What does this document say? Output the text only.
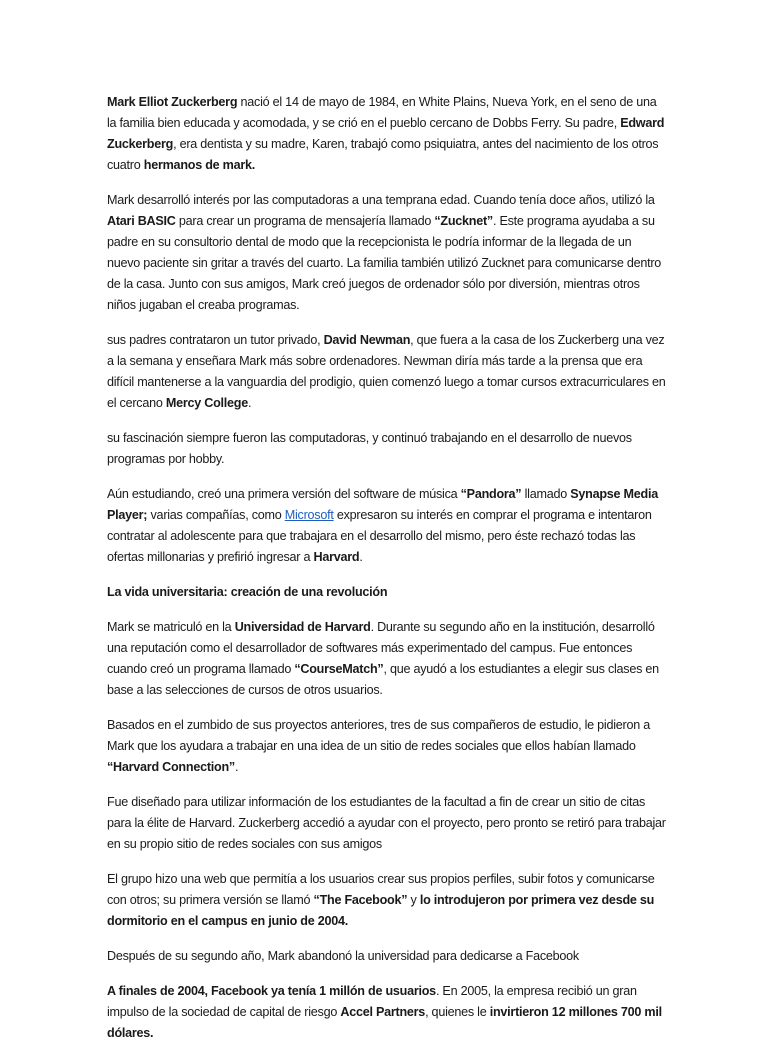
Mark Elliot Zuckerberg nació el 14 de mayo de 1984, en White Plains, Nueva York, en el seno de una la familia bien educada y acomodada, y se crió en el pueblo cercano de Dobbs Ferry. Su padre, Edward Zuckerberg, era dentista y su madre, Karen, trabajó como psiquiatra, antes del nacimiento de los otros cuatro hermanos de mark.

Mark desarrolló interés por las computadoras a una temprana edad. Cuando tenía doce años, utilizó la Atari BASIC para crear un programa de mensajería llamado “Zucknet”. Este programa ayudaba a su padre en su consultorio dental de modo que la recepcionista le podría informar de la llegada de un nuevo paciente sin gritar a través del cuarto. La familia también utilizó Zucknet para comunicarse dentro de la casa. Junto con sus amigos, Mark creó juegos de ordenador sólo por diversión, mientras otros niños jugaban el creaba programas.

sus padres contrataron un tutor privado, David Newman, que fuera a la casa de los Zuckerberg una vez a la semana y enseñara Mark más sobre ordenadores. Newman diría más tarde a la prensa que era difícil mantenerse a la vanguardia del prodigio, quien comenzó luego a tomar cursos extracurriculares en el cercano Mercy College.

su fascinación siempre fueron las computadoras, y continuó trabajando en el desarrollo de nuevos programas por hobby.

Aún estudiando, creó una primera versión del software de música “Pandora” llamado Synapse Media Player; varias compañías, como Microsoft expresaron su interés en comprar el programa e intentaron contratar al adolescente para que trabajara en el desarrollo del mismo, pero éste rechazó todas las ofertas millonarias y prefirió ingresar a Harvard.

La vida universitaria: creación de una revolución

Mark se matriculó en la Universidad de Harvard. Durante su segundo año en la institución, desarrolló una reputación como el desarrollador de softwares más experimentado del campus. Fue entonces cuando creó un programa llamado “CourseMatch”, que ayudó a los estudiantes a elegir sus clases en base a las selecciones de cursos de otros usuarios.

Basados en el zumbido de sus proyectos anteriores, tres de sus compañeros de estudio, le pidieron a Mark que los ayudara a trabajar en una idea de un sitio de redes sociales que ellos habían llamado “Harvard Connection”.

Fue diseñado para utilizar información de los estudiantes de la facultad a fin de crear un sitio de citas para la élite de Harvard. Zuckerberg accedió a ayudar con el proyecto, pero pronto se retiró para trabajar en su propio sitio de redes sociales con sus amigos

El grupo hizo una web que permitía a los usuarios crear sus propios perfiles, subir fotos y comunicarse con otros; su primera versión se llamó “The Facebook” y lo introdujeron por primera vez desde su dormitorio en el campus en junio de 2004.

Después de su segundo año, Mark abandonó la universidad para dedicarse a Facebook

A finales de 2004, Facebook ya tenía 1 millón de usuarios. En 2005, la empresa recibió un gran impulso de la sociedad de capital de riesgo Accel Partners, quienes le invirtieron 12 millones 700 mil dólares.
